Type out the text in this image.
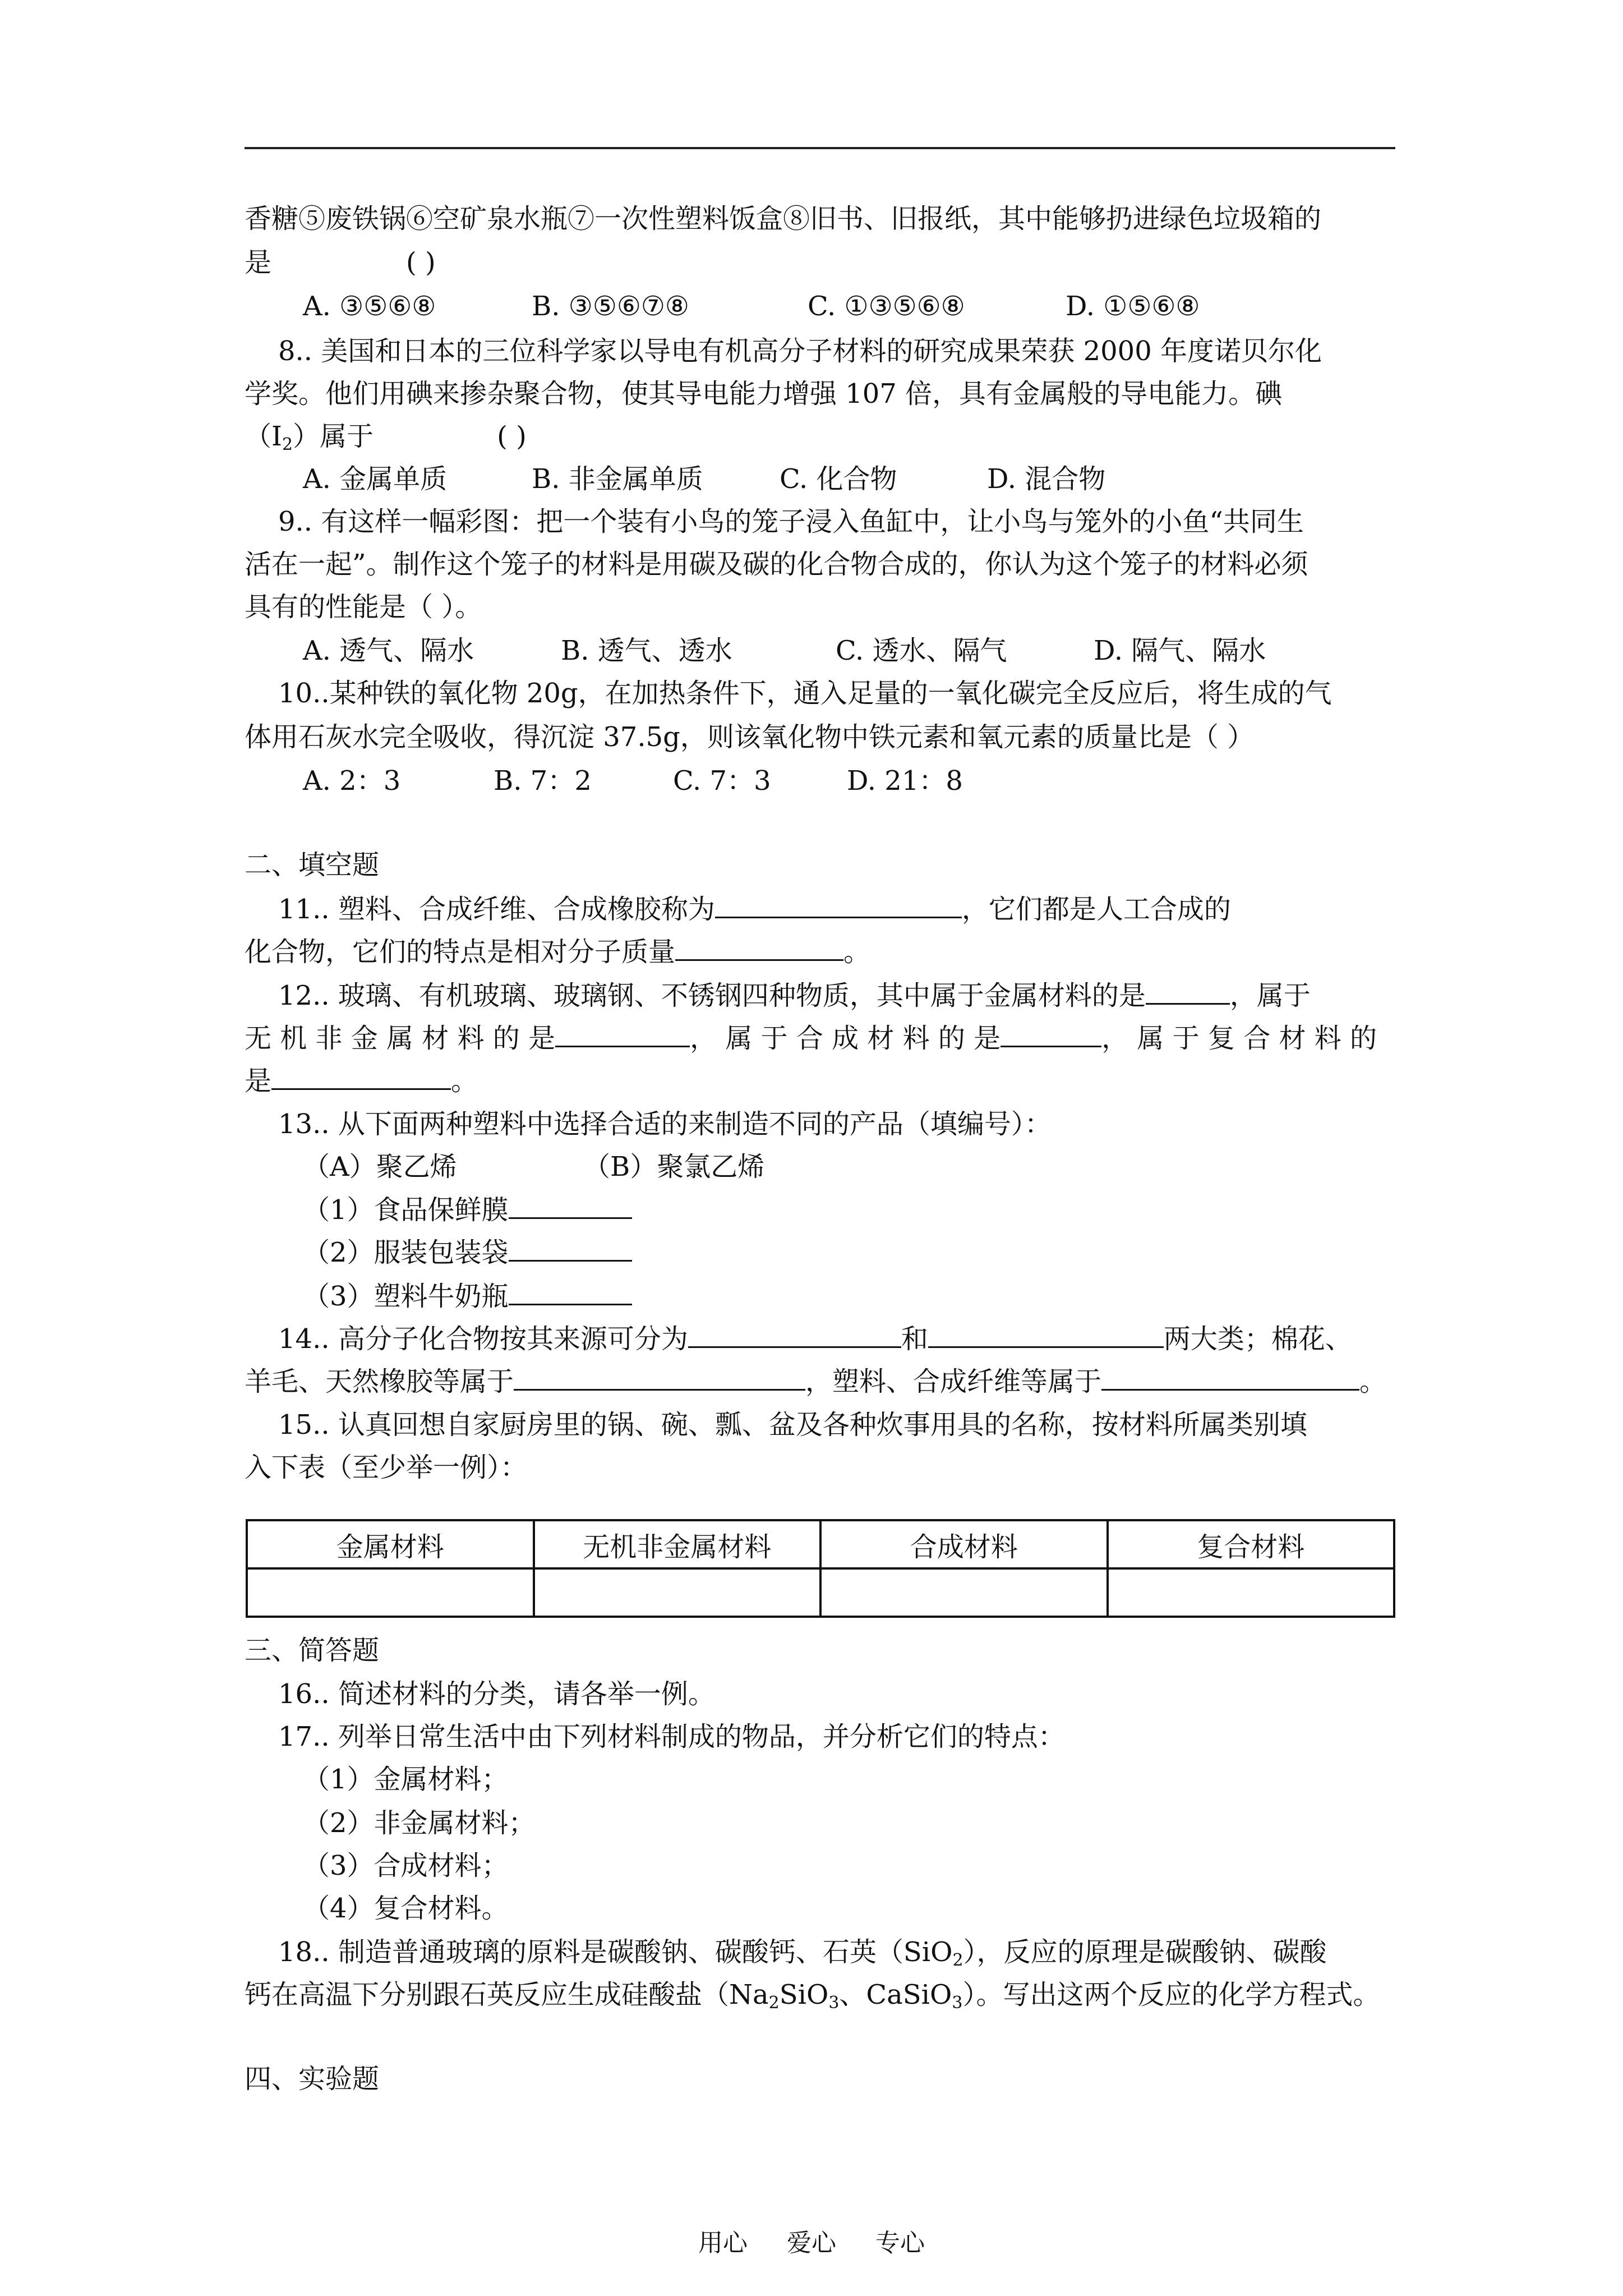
香糖⑤废铁锅⑥空矿泉水瓶⑦一次性塑料饭盒⑧旧书、旧报纸，其中能够扔进绿色垃圾箱的
是	( )
A. ③⑤⑥⑧	B. ③⑤⑥⑦⑧	C. ①③⑤⑥⑧	D. ①⑤⑥⑧
8.. 美国和日本的三位科学家以导电有机高分子材料的研究成果荣获 2000 年度诺贝尔化
学奖。他们用碘来掺杂聚合物，使其导电能力增强 107 倍，具有金属般的导电能力。碘
$(I_2)$属于	( )
A. 金属单质	B. 非金属单质	C. 化合物	D. 混合物
9.. 有这样一幅彩图：把一个装有小鸟的笼子浸入鱼缸中，让小鸟与笼外的小鱼“共同生
活在一起”。制作这个笼子的材料是用碳及碳的化合物合成的，你认为这个笼子的材料必须
具有的性能是（ ）。
A. 透气、隔水	B. 透气、透水	C. 透水、隔气	D. 隔气、隔水
10..某种铁的氧化物 20g，在加热条件下，通入足量的一氧化碳完全反应后，将生成的气
体用石灰水完全吸收，得沉淀 37.5g，则该氧化物中铁元素和氧元素的质量比是（ ）
A. 2：3	B. 7：2	C. 7：3	D. 21：8
二、填空题
11.. 塑料、合成纤维、合成橡胶称为	，它们都是人工合成的
化合物，它们的特点是相对分子质量	。
12.. 玻璃、有机玻璃、玻璃钢、不锈钢四种物质，其中属于金属材料的是	，属于
无 机 非 金 属 材 料 的 是	， 属 于 合 成 材 料 的 是	， 属 于 复 合 材 料 的
是	。
13.. 从下面两种塑料中选择合适的来制造不同的产品（填编号）：
（A）聚乙烯	（B）聚氯乙烯
（1）食品保鲜膜
（2）服装包装袋
（3）塑料牛奶瓶
14.. 高分子化合物按其来源可分为	和	两大类；棉花、
羊毛、天然橡胶等属于	，塑料、合成纤维等属于	。
15.. 认真回想自家厨房里的锅、碗、瓢、盆及各种炊事用具的名称，按材料所属类别填
入下表（至少举一例）：
金属材料	无机非金属材料	合成材料	复合材料

三、简答题
16.. 简述材料的分类，请各举一例。
17.. 列举日常生活中由下列材料制成的物品，并分析它们的特点：
（1）金属材料；
（2）非金属材料；
（3）合成材料；
（4）复合材料。
18.. 制造普通玻璃的原料是碳酸钠、碳酸钙、石英（SiO$_2$），反应的原理是碳酸钠、碳酸
钙在高温下分别跟石英反应生成硅酸盐（$Na_2SiO_3$、CaSiO$_3$）。写出这两个反应的化学方程式。
四、实验题
用心 爱心 专心
